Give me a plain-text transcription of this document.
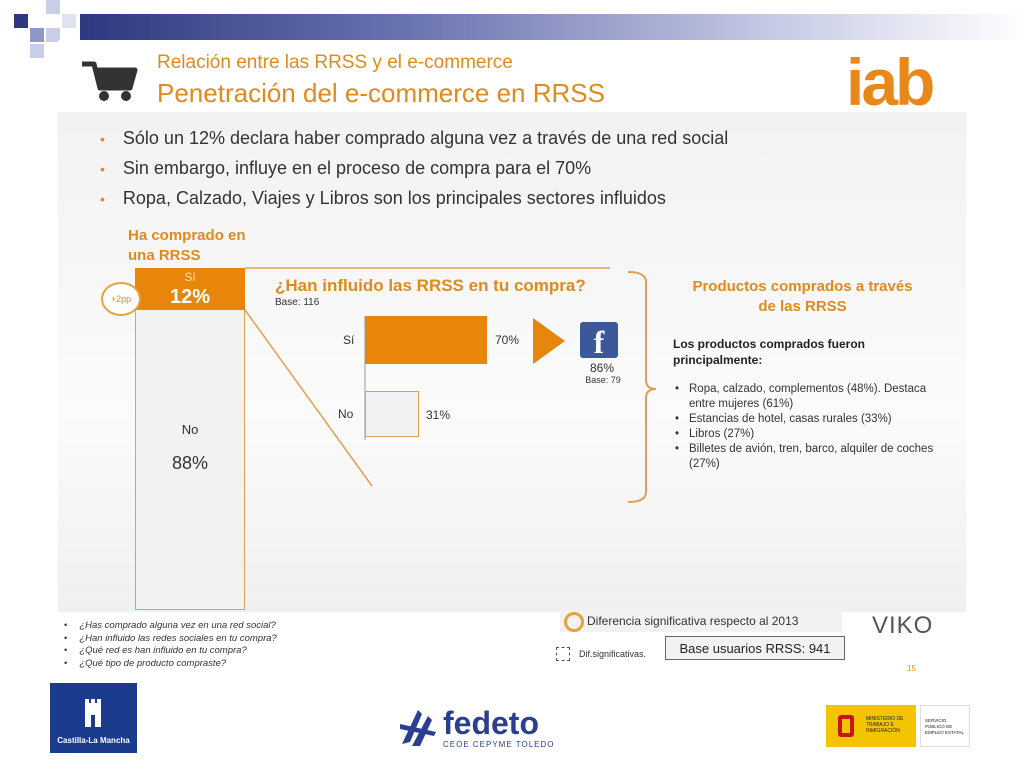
Relación entre las RRSS y el e-commerce
Penetración del e-commerce en RRSS	iab
• Sólo un 12% declara haber comprado alguna vez a través de una red social
• Sin embargo, influye en el proceso de compra para el 70%
• Ropa, Calzado, Viajes y Libros son los principales sectores influidos
Ha comprado en una RRSS
Sí
12%
No
88%
+2pp
¿Han influido las RRSS en tu compra?
Base: 116
Sí
No
70%
31%
f
86%
Base: 79
Productos comprados a través de las RRSS
Los productos comprados fueron principalmente:
• Ropa, calzado, complementos (48%). Destaca entre mujeres (61%)
• Estancias de hotel, casas rurales (33%)
• Libros (27%)
• Billetes de avión, tren, barco, alquiler de coches (27%)
• ¿Has comprado alguna vez en una red social?
• ¿Han influido las redes sociales en tu compra?
• ¿Qué red es han influido en tu compra?
• ¿Qué tipo de producto compraste?
Diferencia significativa respecto al 2013
Dif.significativas.	Base usuarios RRSS: 941
VIKO
15
Castilla-La Mancha	fedeto
CEOE CEPYME TOLEDO
MINISTERIO DE TRABAJO E INMIGRACIÓN
SERVICIO PÚBLICO DE EMPLEO ESTATAL
